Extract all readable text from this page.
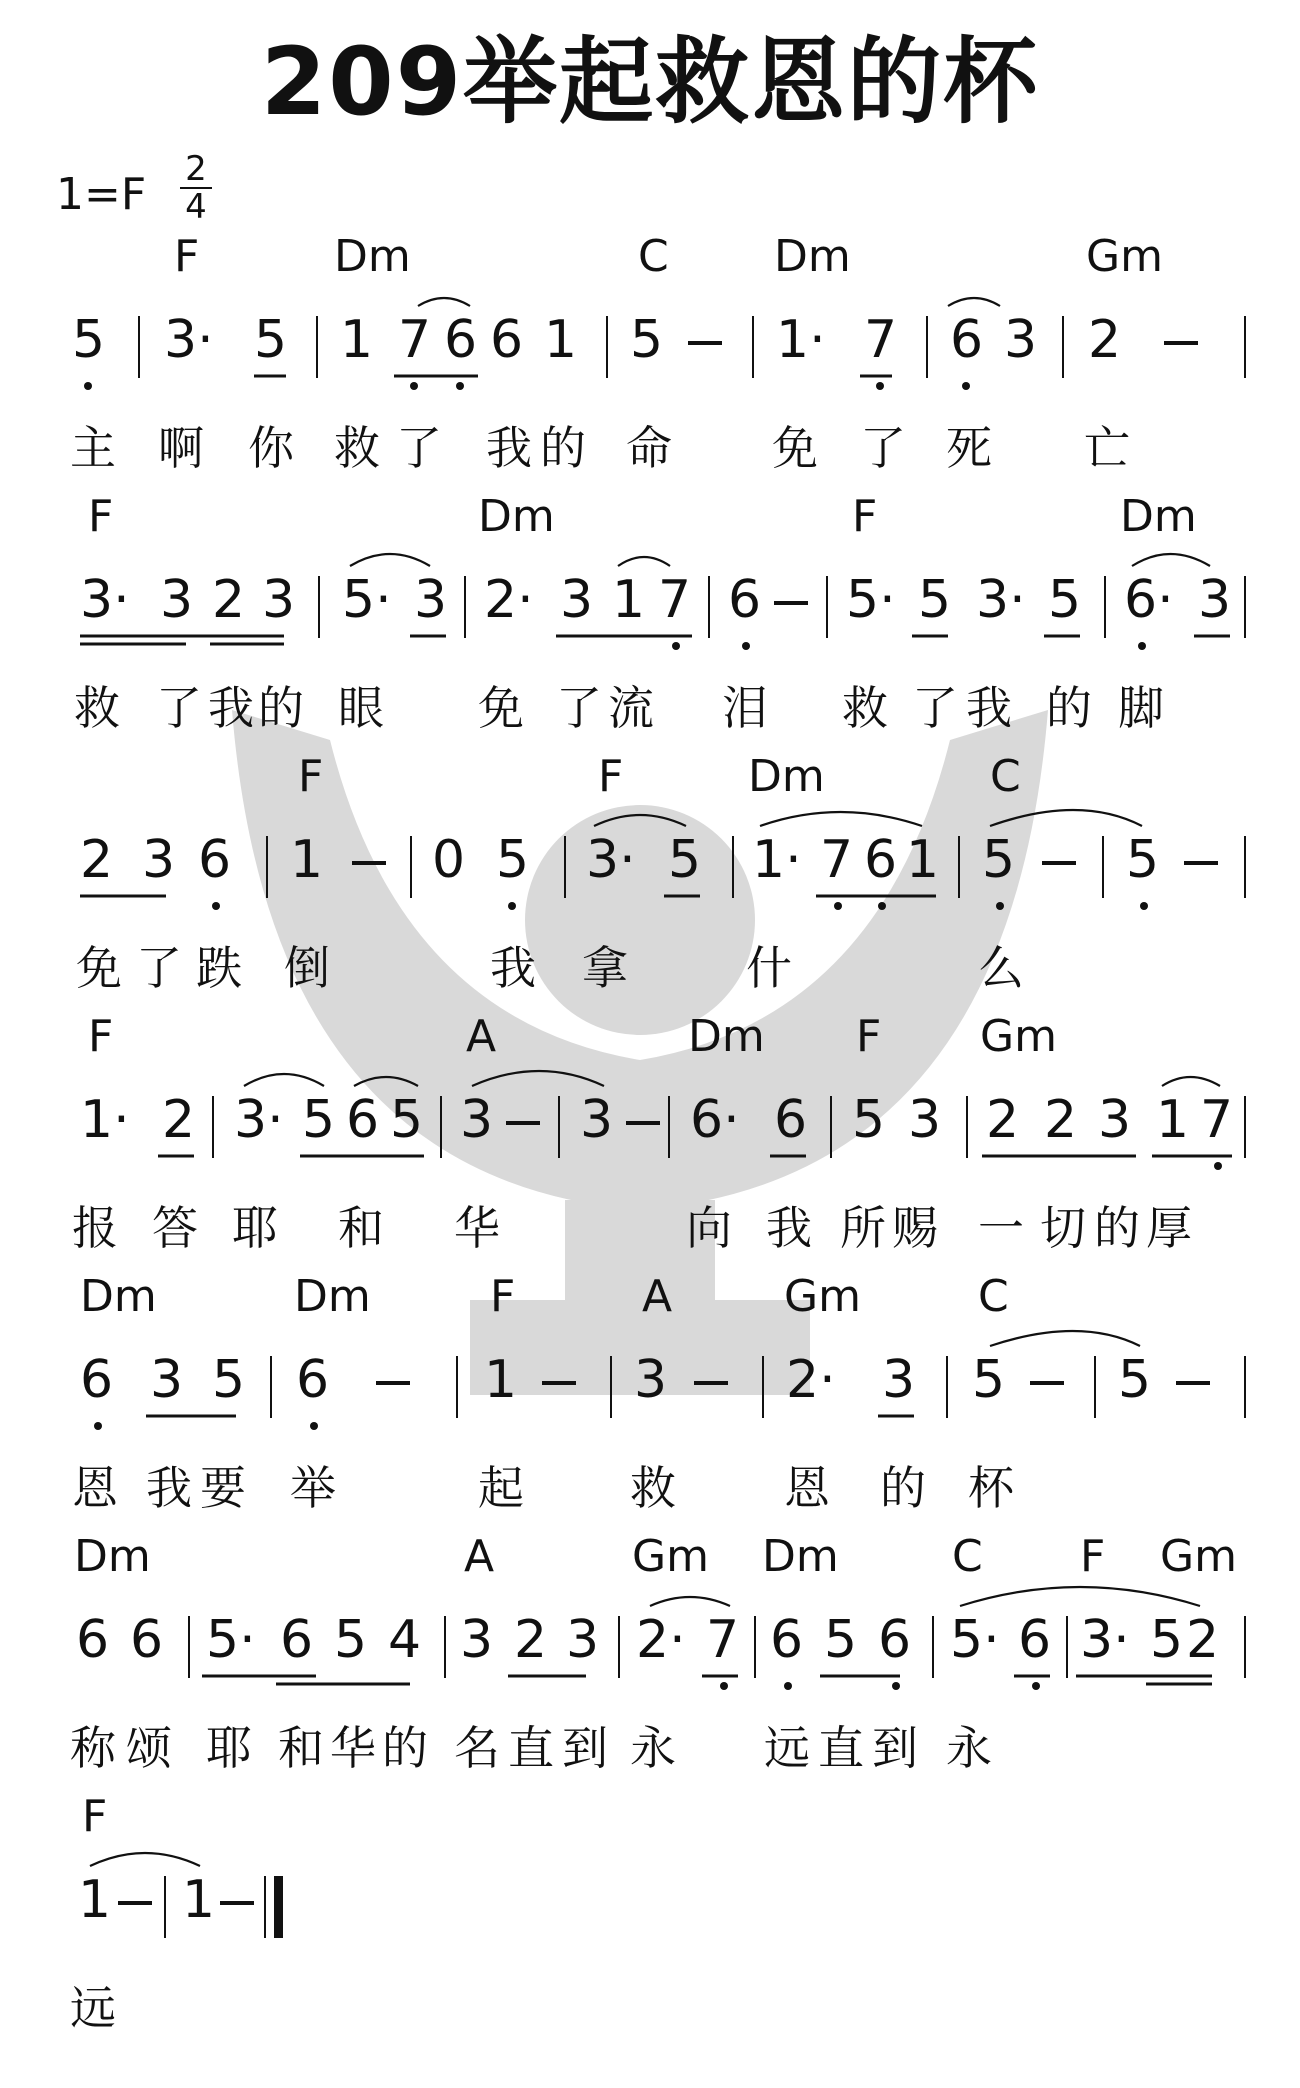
209举起救恩的杯
1=F 2
4
F	Dm	C Dm	Gm
5 3· 5 1 7 6 6 1 5 1· 7 6 3 2
主 啊 你 救 了 我 的 命 免 了 死 亡
F	Dm	F	Dm
3· 3 2 3 5· 3 2· 3 1 7 6 5· 5 3· 5 6· 3
救 了 我 的 眼 免 了 流 泪 救 了 我 的 脚
F	F	Dm	C
2 3 6 1 0 5 3· 5 1· 7 6 1 5 5
免 了 跌 倒	我 拿	什	么
F	A	Dm F Gm
1· 2 3· 5 6 5 3 3 6· 6 5 3 2 2 3 1 7
报 答 耶 和 华	向 我 所 赐 一 切 的 厚
Dm	Dm	F	A	Gm	C
6 3 5 6	1 3 2· 3 5 5
恩 我 要 举	起 救 恩 的 杯
Dm	A	Gm Dm	C F Gm
6 6 5· 6 5 4 3 2 3 2· 7 6 5 6 5· 6 3· 5 2
称 颂 耶 和 华 的 名 直 到 永 远 直 到 永
F
1 1
远
